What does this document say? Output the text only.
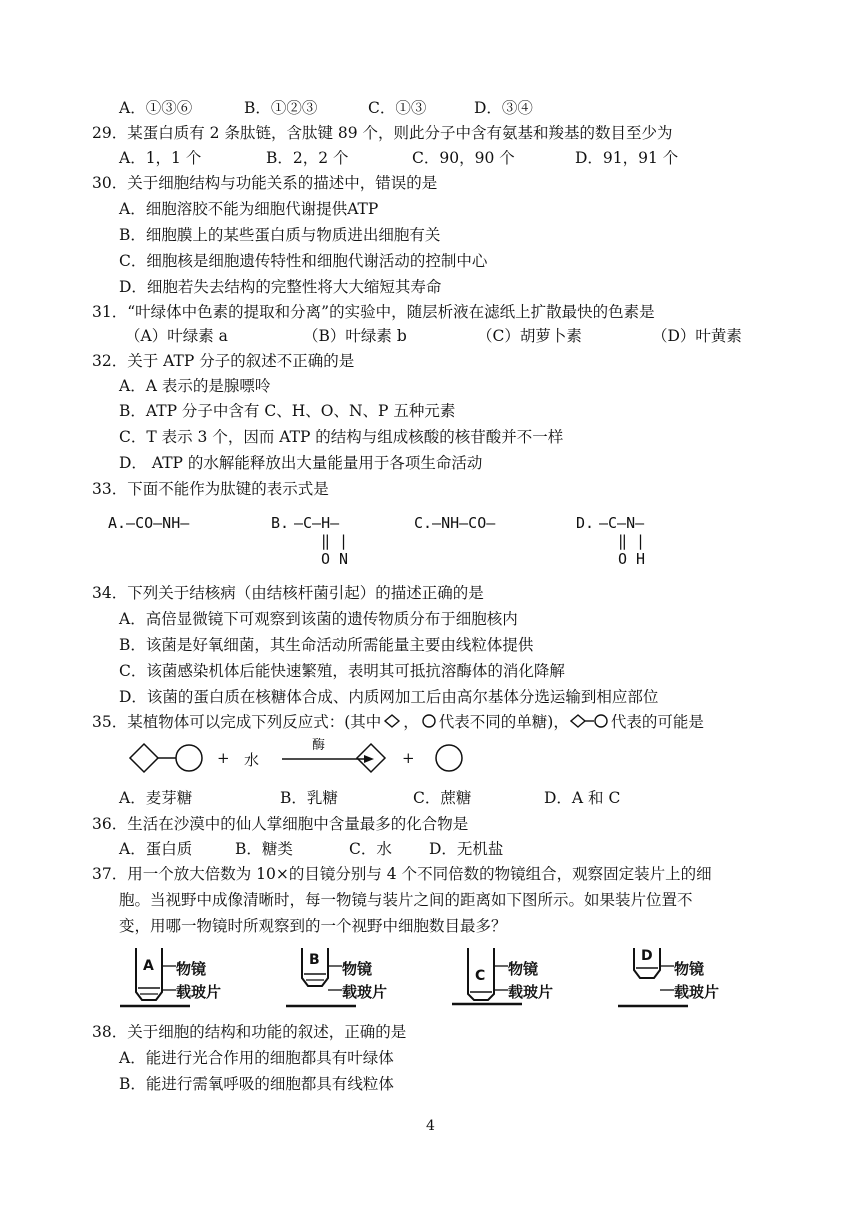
A．①③⑥	B．①②③	C．①③	D．③④
29．某蛋白质有 2 条肽链，含肽键 89 个，则此分子中含有氨基和羧基的数目至少为
A．1，1 个	B．2，2 个	C．90，90 个	D．91，91 个
30．关于细胞结构与功能关系的描述中，错误的是
A．细胞溶胶不能为细胞代谢提供ATP
B．细胞膜上的某些蛋白质与物质进出细胞有关
C．细胞核是细胞遗传特性和细胞代谢活动的控制中心
D．细胞若失去结构的完整性将大大缩短其寿命
31．“叶绿体中色素的提取和分离”的实验中，随层析液在滤纸上扩散最快的色素是
（A）叶绿素 a	（B）叶绿素 b	（C）胡萝卜素	（D）叶黄素
32．关于 ATP 分子的叙述不正确的是
A．A 表示的是腺嘌呤
B．ATP 分子中含有 C、H、O、N、P 五种元素
C．T 表示 3 个，因而 ATP 的结构与组成核酸的核苷酸并不一样
D． ATP 的水解能释放出大量能量用于各项生命活动
33．下面不能作为肽键的表示式是
A.—CO—NH—	B. —C—H—
‖ |
O N
C.—NH—CO—	D. —C—N—
‖ |
O H
34．下列关于结核病（由结核杆菌引起）的描述正确的是
A．高倍显微镜下可观察到该菌的遗传物质分布于细胞核内
B．该菌是好氧细菌，其生命活动所需能量主要由线粒体提供
C．该菌感染机体后能快速繁殖，表明其可抵抗溶酶体的消化降解
D．该菌的蛋白质在核糖体合成、内质网加工后由高尔基体分选运输到相应部位
35．某植物体可以完成下列反应式：(其中 ， 代表不同的单糖)，	代表的可能是
+ 水
酶
+
A．麦芽糖	B．乳糖	C．蔗糖	D．A 和 C
36．生活在沙漠中的仙人掌细胞中含量最多的化合物是
A．蛋白质	B．糖类	C．水 D．无机盐
37．用一个放大倍数为 10×的目镜分别与 4 个不同倍数的物镜组合，观察固定装片上的细
胞。当视野中成像清晰时，每一物镜与装片之间的距离如下图所示。如果装片位置不
变，用哪一物镜时所观察到的一个视野中细胞数目最多？
A 物镜
载玻片
B 物镜
载玻片
C 物镜
载玻片
D
物镜
载玻片
38．关于细胞的结构和功能的叙述，正确的是
A．能进行光合作用的细胞都具有叶绿体
B．能进行需氧呼吸的细胞都具有线粒体
4
